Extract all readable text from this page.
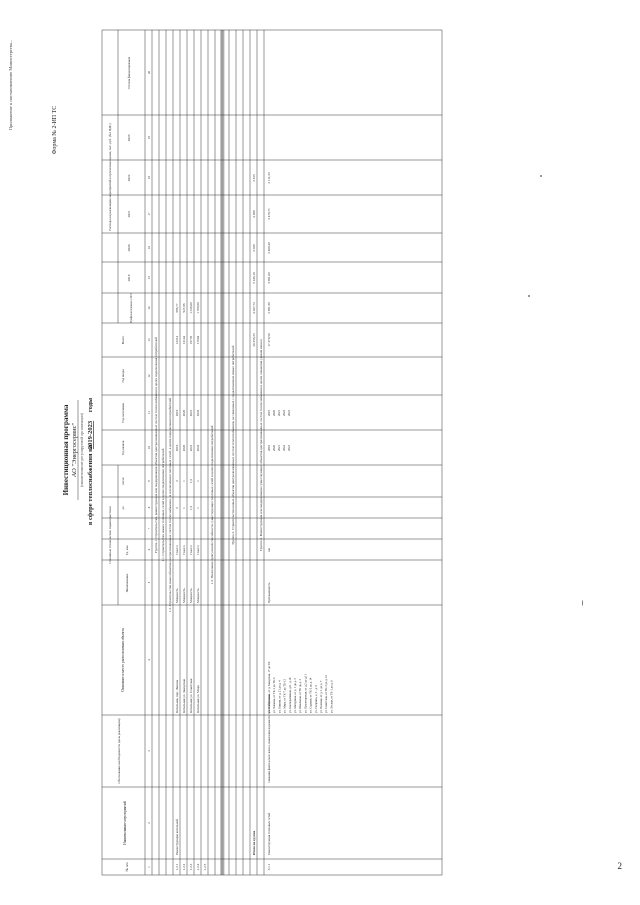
Приложение к постановлению Министерства...	Форма № 2-ИП ТС
Инвестиционная программа АО "Энергосервис" (наименование регулируемой организации) в сфере теплоснабжения на
2019-2023
годы
№ п/п
Наименование мероприятий
Обоснование необходимости (цель реализации)
Описание и место расположения объекта
Основные технические характеристики
Наименование
Ед. изм.
до
после
Год начала
Год окончания
Год ввода
Расходы на реализацию мероприятий в прогнозных ценах, тыс. руб. (без НДС)
Всего
Профинансировано к 2019
2019
2020
2021
2022
2023
Остаток финансирования
1
2
3
4
5
6
7
8
9
10
11
12
13
14
15
16
17
18
19
20
Группа 1. Строительство, реконструкция или модернизация объектов централизованных систем теплоснабжения в целях подключения потребителей 1.1. Строительство новых тепловых сетей в целях подключения потребителей 1.2. Строительство иных объектов централизованных систем теплоснабжения, за исключением тепловых сетей, в целях подключения потребителей
1.2.1
Реконструкция котельной
Котельная, пер. Ленина
Мощность
Гкал/ч
2
2
2019
2019
12214
696,77
1.2.2
Котельная ул. Заводская
Мощность
Гкал/ч
1
1
2020
2020
12144
927,86
1.2.3
Котельная ул. Советская
Мощность
Гкал/ч
1,5
1,5
2021
2021
19735
1 016,00
1.2.4
Котельная ул. Мира
Мощность
Гкал/ч
1
1
2022
2022
17604
1 709,00
1.2.5
1.3. Увеличение пропускной способности существующих тепловых сетей в целях подключения потребителей	Группа 2. Строительство новых объектов централизованных систем теплоснабжения, не связанных с подключением новых потребителей
Итого по группе
20 356,35
4 027,72
5 246,18
3 029
4 288
3 815
Группа 3. Реконструкция или модернизация существующих объектов централизованных систем теплоснабжения в целях снижения уровня износа
3.1.1
Реконструкция тепловых сетей
Снижение фактического износа, повышение надежности теплоснабжения
ул. Набережная, от д. Заводская, 17 до ТК ул. Чапаева, от ТК-1 до ТК-5 ул. Кирова, от д. 21 до д. 4 ул. Мира, от ТК-7 до ТК-12 ул. Кооперативная, д.8 - д.10 ул. Мичурина, от д. 1 до д. 5 ул. Школьная, от ТК до д. 3 ул. Пролетарская, от д.2 до д.11 ул. Садовая, от ТК-2 до д. 14 ул. Гагарина, д. 3 - д. 9 ул. Полевая, от д. 1 до д. 7 ул. Советская, от ТК-3 до д. 12 ул. Лесная, от ТК-1 до д. 6
Протяженность
км
2019
2019
2020
2020
2021
2021
2022
2022
2023
2023
17 379,50
3 691,56
3 691,00
3 409,20
3 478,71
3 111,33
2
